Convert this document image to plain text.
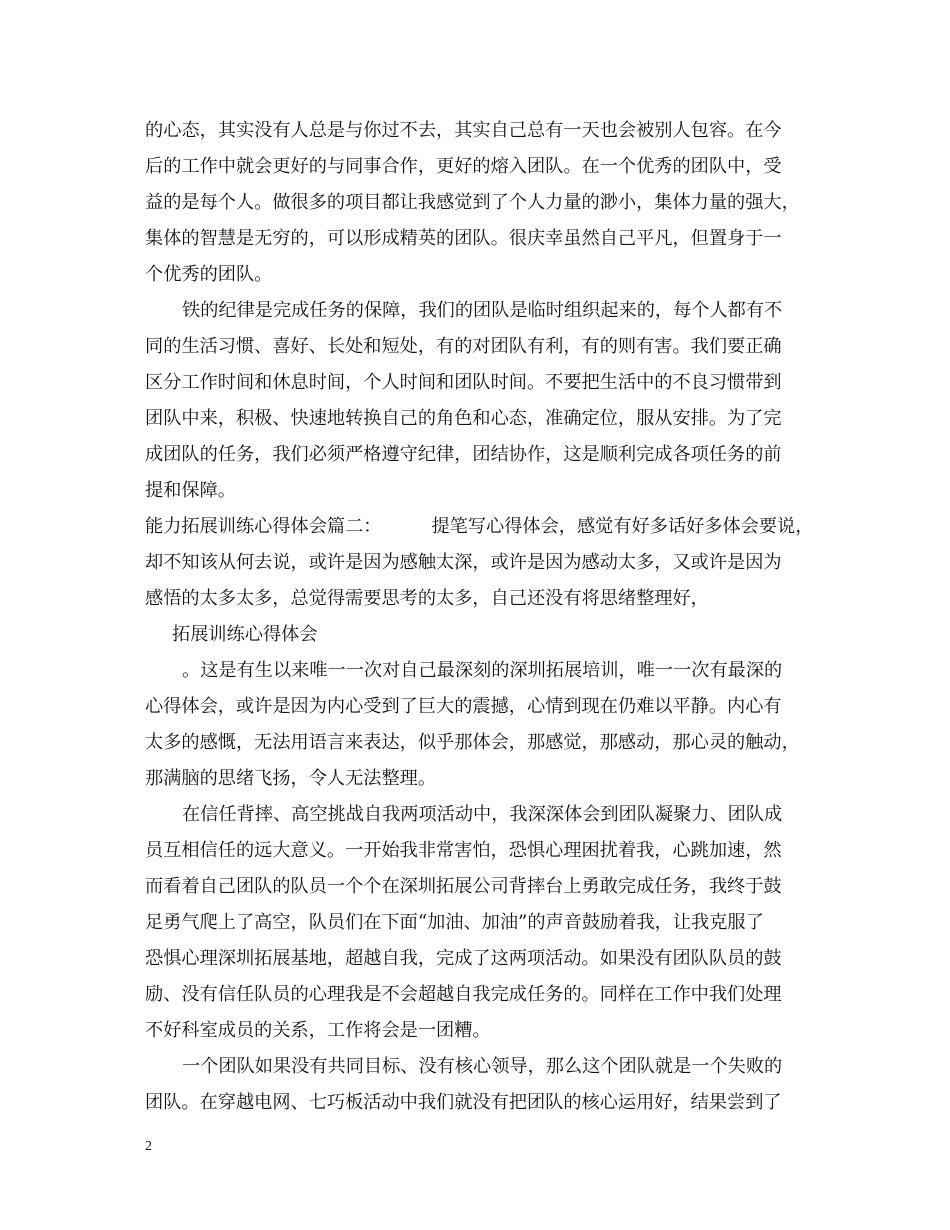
的心态，其实没有人总是与你过不去，其实自己总有一天也会被别人包容。在今
后的工作中就会更好的与同事合作，更好的熔入团队。在一个优秀的团队中，受
益的是每个人。做很多的项目都让我感觉到了个人力量的渺小，集体力量的强大，
集体的智慧是无穷的，可以形成精英的团队。很庆幸虽然自己平凡，但置身于一
个优秀的团队。
铁的纪律是完成任务的保障，我们的团队是临时组织起来的，每个人都有不
同的生活习惯、喜好、长处和短处，有的对团队有利，有的则有害。我们要正确
区分工作时间和休息时间，个人时间和团队时间。不要把生活中的不良习惯带到
团队中来，积极、快速地转换自己的角色和心态，准确定位，服从安排。为了完
成团队的任务，我们必须严格遵守纪律，团结协作，这是顺利完成各项任务的前
提和保障。
能力拓展训练心得体会篇二：	提笔写心得体会，感觉有好多话好多体会要说，
却不知该从何去说，或许是因为感触太深，或许是因为感动太多，又或许是因为
感悟的太多太多，总觉得需要思考的太多，自己还没有将思绪整理好，
拓展训练心得体会
。这是有生以来唯一一次对自己最深刻的深圳拓展培训，唯一一次有最深的
心得体会，或许是因为内心受到了巨大的震撼，心情到现在仍难以平静。内心有
太多的感慨，无法用语言来表达，似乎那体会，那感觉，那感动，那心灵的触动，
那满脑的思绪飞扬，令人无法整理。
在信任背摔、高空挑战自我两项活动中，我深深体会到团队凝聚力、团队成
员互相信任的远大意义。一开始我非常害怕，恐惧心理困扰着我，心跳加速，然
而看着自己团队的队员一个个在深圳拓展公司背摔台上勇敢完成任务，我终于鼓
足勇气爬上了高空，队员们在下面“加油、加油”的声音鼓励着我，让我克服了
恐惧心理深圳拓展基地，超越自我，完成了这两项活动。如果没有团队队员的鼓
励、没有信任队员的心理我是不会超越自我完成任务的。同样在工作中我们处理
不好科室成员的关系，工作将会是一团糟。
一个团队如果没有共同目标、没有核心领导，那么这个团队就是一个失败的
团队。在穿越电网、七巧板活动中我们就没有把团队的核心运用好，结果尝到了
2
